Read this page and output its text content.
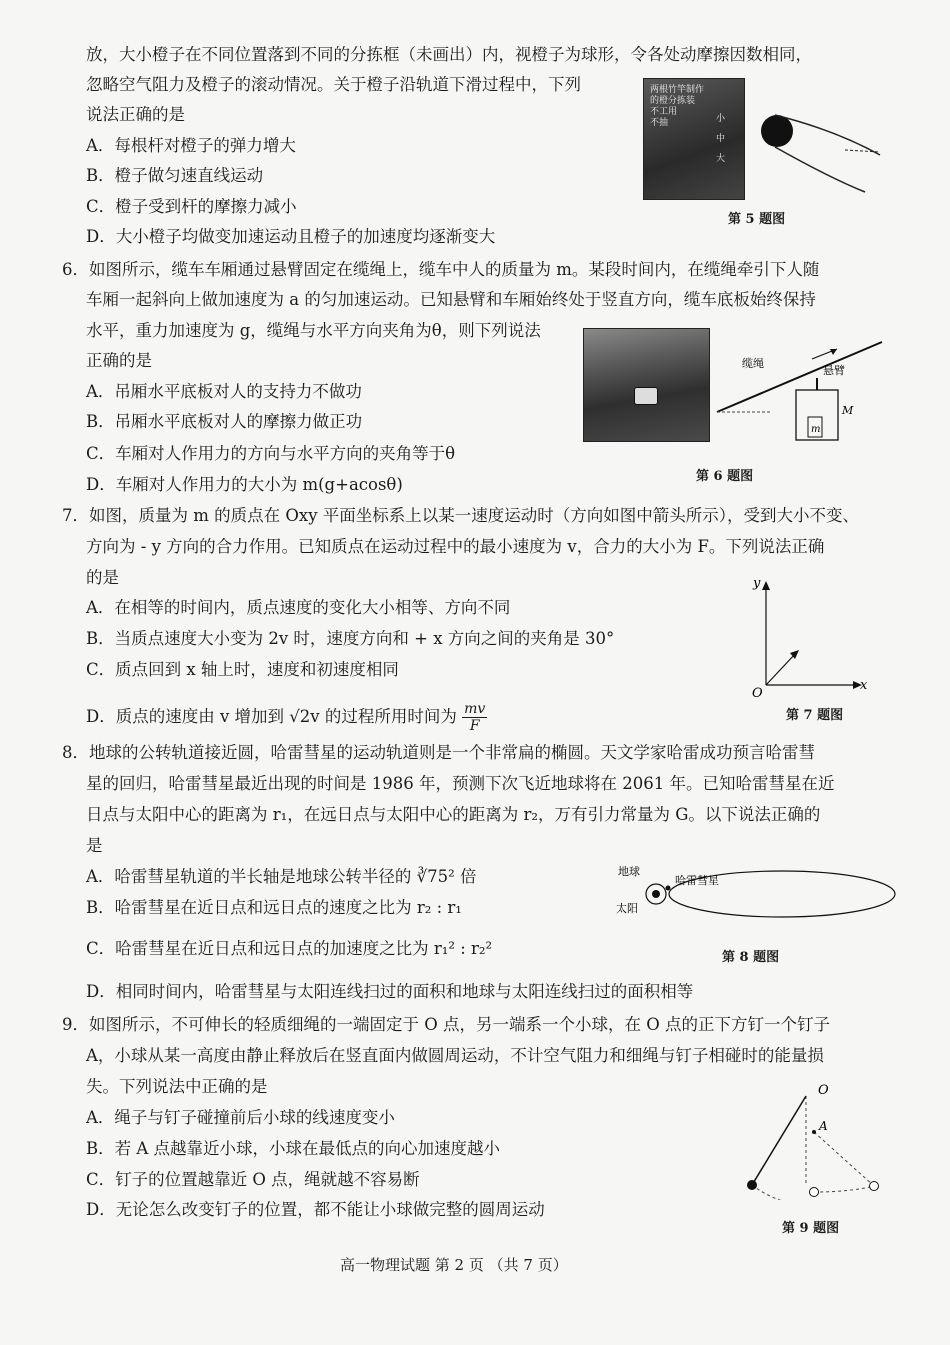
放，大小橙子在不同位置落到不同的分拣框（未画出）内，视橙子为球形，令各处动摩擦因数相同，
忽略空气阻力及橙子的滚动情况。关于橙子沿轨道下滑过程中，下列
说法正确的是
A．每根杆对橙子的弹力增大
B．橙子做匀速直线运动
C．橙子受到杆的摩擦力减小
D．大小橙子均做变加速运动且橙子的加速度均逐渐变大
两根竹竿制作
的橙分拣装
不工用
不抽	小
中
大
第 5 题图
6．如图所示，缆车车厢通过悬臂固定在缆绳上，缆车中人的质量为 m。某段时间内，在缆绳牵引下人随
车厢一起斜向上做加速度为 a 的匀加速运动。已知悬臂和车厢始终处于竖直方向，缆车底板始终保持
水平，重力加速度为 g，缆绳与水平方向夹角为θ，则下列说法
正确的是
A．吊厢水平底板对人的支持力不做功
B．吊厢水平底板对人的摩擦力做正功
C．车厢对人作用力的方向与水平方向的夹角等于θ
D．车厢对人作用力的大小为 m(g+acosθ)
缆绳
悬臂
M
m
第 6 题图
7．如图，质量为 m 的质点在 Oxy 平面坐标系上以某一速度运动时（方向如图中箭头所示），受到大小不变、
方向为 - y 方向的合力作用。已知质点在运动过程中的最小速度为 v，合力的大小为 F。下列说法正确
的是
A．在相等的时间内，质点速度的变化大小相等、方向不同
B．当质点速度大小变为 2v 时，速度方向和 + x 方向之间的夹角是 30°
C．质点回到 x 轴上时，速度和初速度相同
D．质点的速度由 v 增加到 √2v 的过程所用时间为 $\frac{mv}{F}$
y
x
O
第 7 题图
8．地球的公转轨道接近圆，哈雷彗星的运动轨道则是一个非常扁的椭圆。天文学家哈雷成功预言哈雷彗
星的回归，哈雷彗星最近出现的时间是 1986 年，预测下次飞近地球将在 2061 年。已知哈雷彗星在近
日点与太阳中心的距离为 r₁，在远日点与太阳中心的距离为 r₂，万有引力常量为 G。以下说法正确的
是
A．哈雷彗星轨道的半长轴是地球公转半径的 ∛75² 倍
B．哈雷彗星在近日点和远日点的速度之比为 r₂ : r₁
C．哈雷彗星在近日点和远日点的加速度之比为 r₁² : r₂²
D．相同时间内，哈雷彗星与太阳连线扫过的面积和地球与太阳连线扫过的面积相等
地球
哈雷彗星
太阳
第 8 题图
9．如图所示，不可伸长的轻质细绳的一端固定于 O 点，另一端系一个小球，在 O 点的正下方钉一个钉子
A，小球从某一高度由静止释放后在竖直面内做圆周运动，不计空气阻力和细绳与钉子相碰时的能量损
失。下列说法中正确的是
A．绳子与钉子碰撞前后小球的线速度变小
B．若 A 点越靠近小球，小球在最低点的向心加速度越小
C．钉子的位置越靠近 O 点，绳就越不容易断
D．无论怎么改变钉子的位置，都不能让小球做完整的圆周运动
O
A
第 9 题图
高一物理试题 第 2 页 （共 7 页）
